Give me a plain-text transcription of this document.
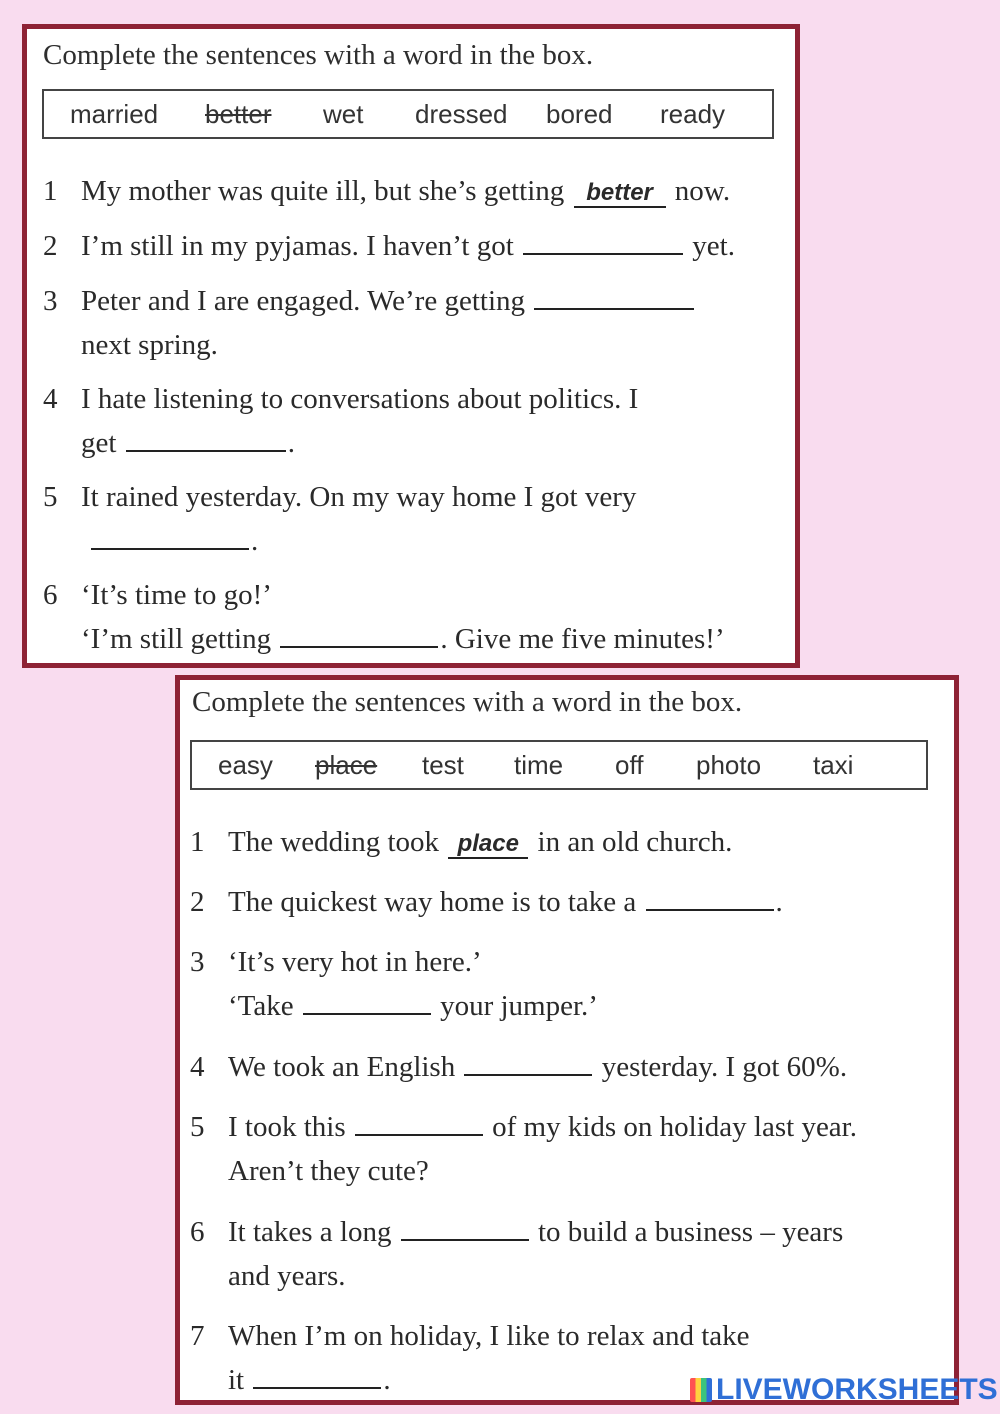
Complete the sentences with a word in the box.
married	better	wet	dressed	bored	ready
1 My mother was quite ill, but she’s getting better now.
2 I’m still in my pyjamas. I haven’t got	yet.
3 Peter and I are engaged. We’re getting
next spring.
4 I hate listening to conversations about politics. I
get	.
5 It rained yesterday. On my way home I got very
.
6 ‘It’s time to go!’
‘I’m still getting	. Give me five minutes!’
Complete the sentences with a word in the box.
easy	place	test	time	off	photo	taxi
1 The wedding took place in an old church.
2 The quickest way home is to take a	.
3 ‘It’s very hot in here.’
‘Take	your jumper.’
4 We took an English	yesterday. I got 60%.
5 I took this	of my kids on holiday last year.
Aren’t they cute?
6 It takes a long	to build a business – years
and years.
7 When I’m on holiday, I like to relax and take
it	.	LIVEWORKSHEETS
